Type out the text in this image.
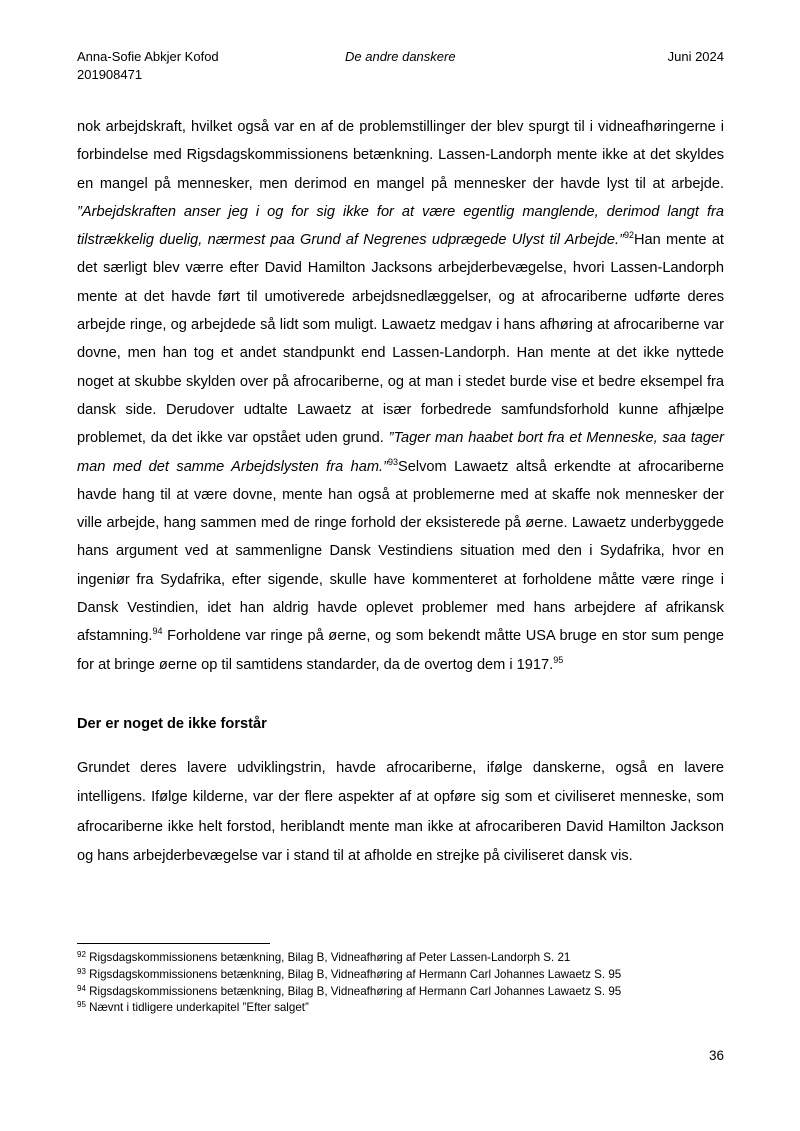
Anna-Sofie Abkjer Kofod
201908471
De andre danskere	Juni 2024

nok arbejdskraft, hvilket også var en af de problemstillinger der blev spurgt til i vidneafhøringerne i forbindelse med Rigsdagskommissionens betænkning. Lassen-Landorph mente ikke at det skyldes en mangel på mennesker, men derimod en mangel på mennesker der havde lyst til at arbejde. ”Arbejdskraften anser jeg i og for sig ikke for at være egentlig manglende, derimod langt fra tilstrækkelig duelig, nærmest paa Grund af Negrenes udprægede Ulyst til Arbejde.”$^{92}$Han mente at det særligt blev værre efter David Hamilton Jacksons arbejderbevægelse, hvori Lassen-Landorph mente at det havde ført til umotiverede arbejdsnedlæggelser, og at afrocariberne udførte deres arbejde ringe, og arbejdede så lidt som muligt. Lawaetz medgav i hans afhøring at afrocariberne var dovne, men han tog et andet standpunkt end Lassen-Landorph. Han mente at det ikke nyttede noget at skubbe skylden over på afrocariberne, og at man i stedet burde vise et bedre eksempel fra dansk side. Derudover udtalte Lawaetz at især forbedrede samfundsforhold kunne afhjælpe problemet, da det ikke var opstået uden grund. ”Tager man haabet bort fra et Menneske, saa tager man med det samme Arbejdslysten fra ham.”$^{93}$Selvom Lawaetz altså erkendte at afrocariberne havde hang til at være dovne, mente han også at problemerne med at skaffe nok mennesker der ville arbejde, hang sammen med de ringe forhold der eksisterede på øerne. Lawaetz underbyggede hans argument ved at sammenligne Dansk Vestindiens situation med den i Sydafrika, hvor en ingeniør fra Sydafrika, efter sigende, skulle have kommenteret at forholdene måtte være ringe i Dansk Vestindien, idet han aldrig havde oplevet problemer med hans arbejdere af afrikansk afstamning.$^{94}$ Forholdene var ringe på øerne, og som bekendt måtte USA bruge en stor sum penge for at bringe øerne op til samtidens standarder, da de overtog dem i 1917.95

Der er noget de ikke forstår

Grundet deres lavere udviklingstrin, havde afrocariberne, ifølge danskerne, også en lavere intelligens. Ifølge kilderne, var der flere aspekter af at opføre sig som et civiliseret menneske, som afrocariberne ikke helt forstod, heriblandt mente man ikke at afrocariberen David Hamilton Jackson og hans arbejderbevægelse var i stand til at afholde en strejke på civiliseret dansk vis.

$^{92}$ Rigsdagskommissionens betænkning, Bilag B, Vidneafhøring af Peter Lassen-Landorph S. 21
$^{93}$ Rigsdagskommissionens betænkning, Bilag B, Vidneafhøring af Hermann Carl Johannes Lawaetz S. 95
$^{94}$ Rigsdagskommissionens betænkning, Bilag B, Vidneafhøring af Hermann Carl Johannes Lawaetz S. 95
$^{95}$ Nævnt i tidligere underkapitel ”Efter salget”
36
